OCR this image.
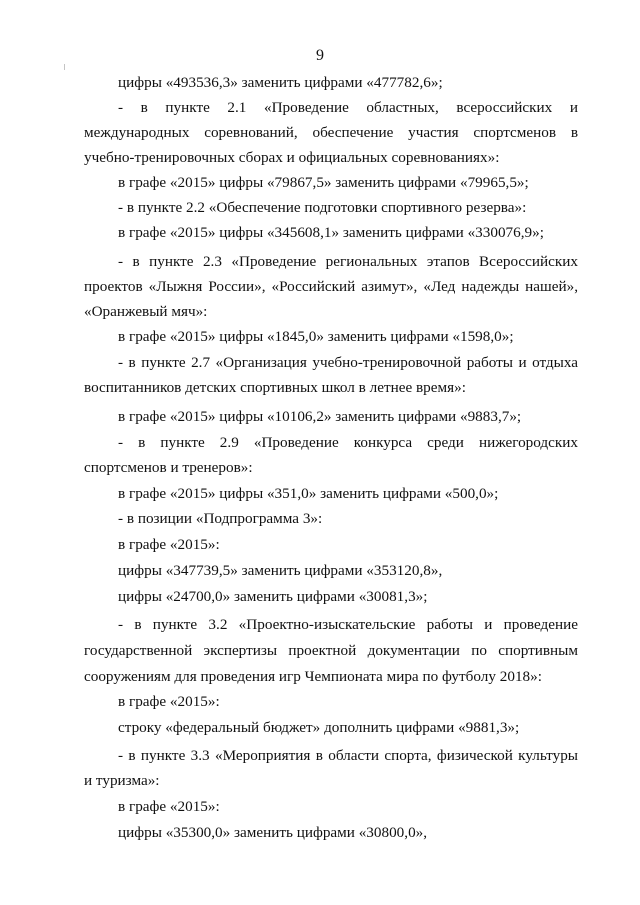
9
цифры «493536,3» заменить цифрами «477782,6»;
- в пункте 2.1 «Проведение областных, всероссийских и
международных соревнований, обеспечение участия спортсменов в
учебно-тренировочных сборах и официальных соревнованиях»:
в графе «2015» цифры «79867,5» заменить цифрами «79965,5»;
- в пункте 2.2 «Обеспечение подготовки спортивного резерва»:
в графе «2015» цифры «345608,1» заменить цифрами «330076,9»;
- в пункте 2.3 «Проведение региональных этапов Всероссийских
проектов «Лыжня России», «Российский азимут», «Лед надежды нашей»,
«Оранжевый мяч»:
в графе «2015» цифры «1845,0» заменить цифрами «1598,0»;
- в пункте 2.7 «Организация учебно-тренировочной работы и отдыха
воспитанников детских спортивных школ в летнее время»:
в графе «2015» цифры «10106,2» заменить цифрами «9883,7»;
- в пункте 2.9 «Проведение конкурса среди нижегородских
спортсменов и тренеров»:
в графе «2015» цифры «351,0» заменить цифрами «500,0»;
- в позиции «Подпрограмма 3»:
в графе «2015»:
цифры «347739,5» заменить цифрами «353120,8»,
цифры «24700,0» заменить цифрами «30081,3»;
- в пункте 3.2 «Проектно-изыскательские работы и проведение
государственной экспертизы проектной документации по спортивным
сооружениям для проведения игр Чемпионата мира по футболу 2018»:
в графе «2015»:
строку «федеральный бюджет» дополнить цифрами «9881,3»;
- в пункте 3.3 «Мероприятия в области спорта, физической культуры
и туризма»:
в графе «2015»:
цифры «35300,0» заменить цифрами «30800,0»,
